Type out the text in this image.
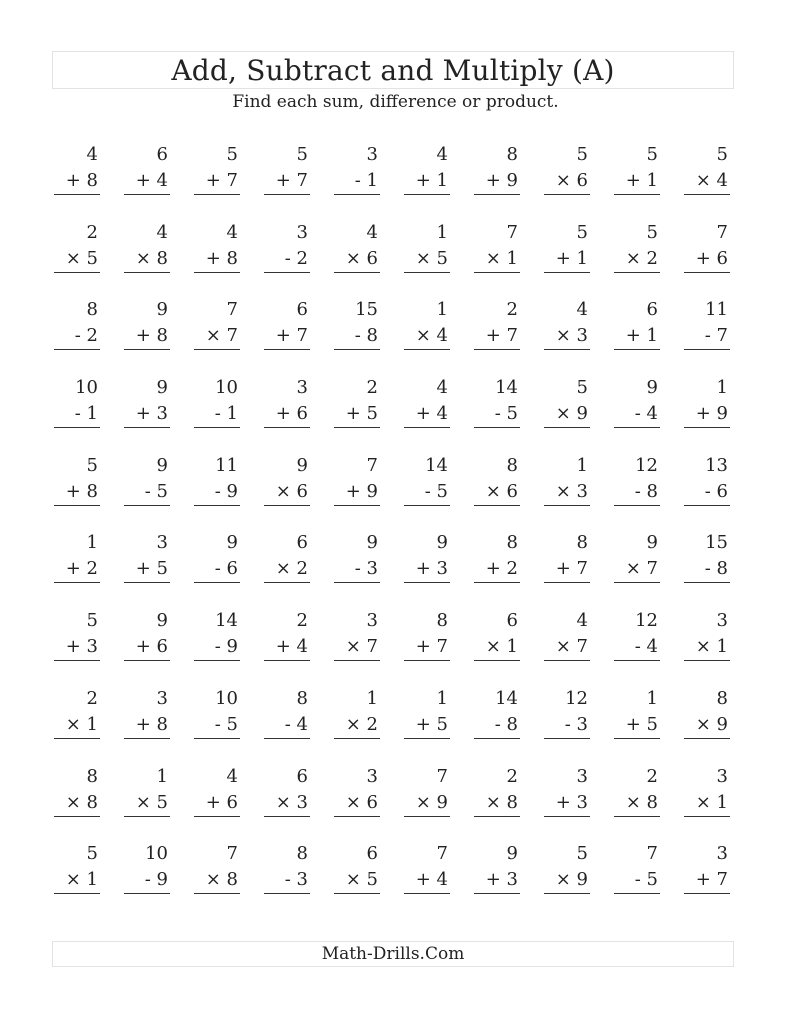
Add, Subtract and Multiply (A)
Find each sum, difference or product.
4
+ 8
6
+ 4
5
+ 7
5
+ 7
3
- 1
4
+ 1
8
+ 9
5
× 6
5
+ 1
5
× 4
2
× 5
4
× 8
4
+ 8
3
- 2
4
× 6
1
× 5
7
× 1
5
+ 1
5
× 2
7
+ 6
8
- 2
9
+ 8
7
× 7
6
+ 7
15
- 8
1
× 4
2
+ 7
4
× 3
6
+ 1
11
- 7
10
- 1
9
+ 3
10
- 1
3
+ 6
2
+ 5
4
+ 4
14
- 5
5
× 9
9
- 4
1
+ 9
5
+ 8
9
- 5
11
- 9
9
× 6
7
+ 9
14
- 5
8
× 6
1
× 3
12
- 8
13
- 6
1
+ 2
3
+ 5
9
- 6
6
× 2
9
- 3
9
+ 3
8
+ 2
8
+ 7
9
× 7
15
- 8
5
+ 3
9
+ 6
14
- 9
2
+ 4
3
× 7
8
+ 7
6
× 1
4
× 7
12
- 4
3
× 1
2
× 1
3
+ 8
10
- 5
8
- 4
1
× 2
1
+ 5
14
- 8
12
- 3
1
+ 5
8
× 9
8
× 8
1
× 5
4
+ 6
6
× 3
3
× 6
7
× 9
2
× 8
3
+ 3
2
× 8
3
× 1
5
× 1
10
- 9
7
× 8
8
- 3
6
× 5
7
+ 4
9
+ 3
5
× 9
7
- 5
3
+ 7
Math-Drills.Com
